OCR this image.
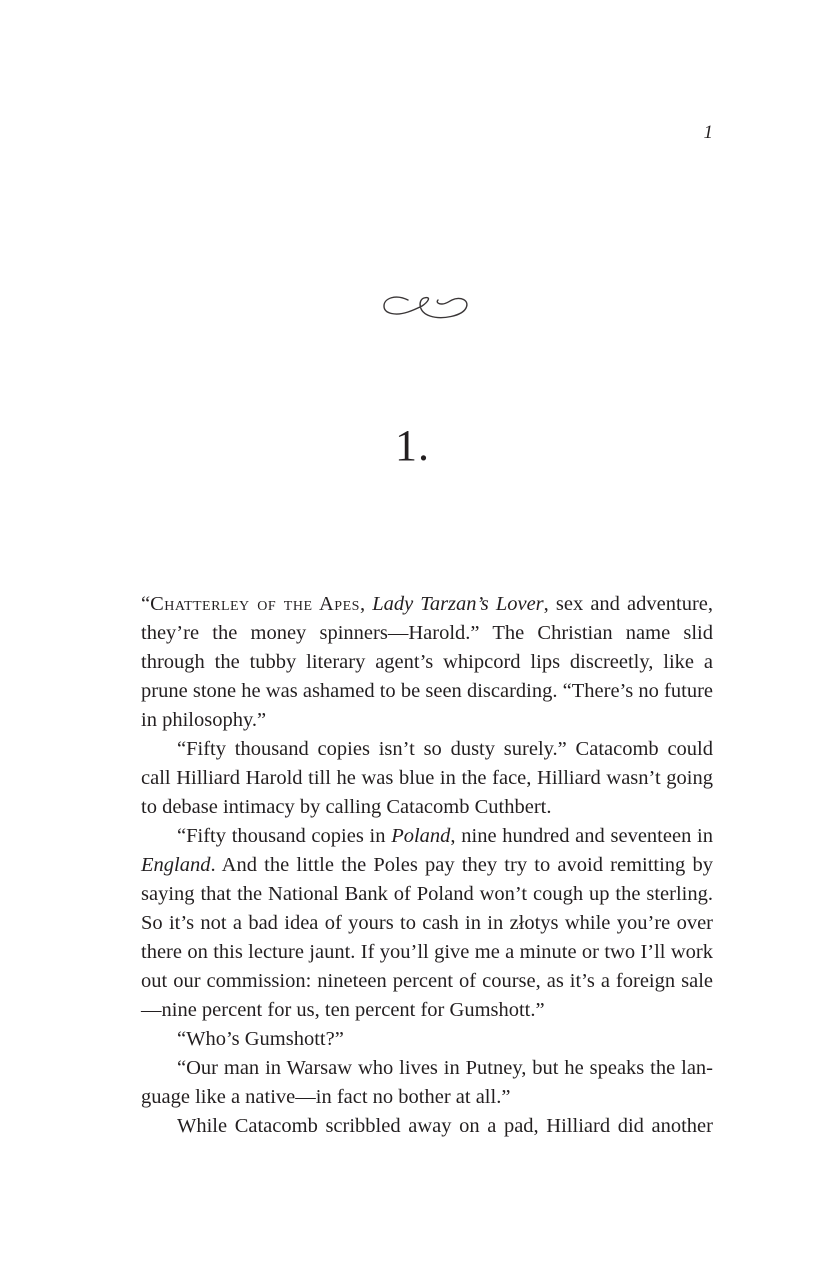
1
1.

“Chatterley of the Apes, Lady Tarzan’s Lover, sex and adventure, they’re the money spinners—Harold.” The Christian name slid through the tubby literary agent’s whipcord lips discreetly, like a prune stone he was ashamed to be seen discarding. “There’s no future in philosophy.”

“Fifty thousand copies isn’t so dusty surely.” Catacomb could call Hilliard Harold till he was blue in the face, Hilliard wasn’t going to debase intimacy by calling Catacomb Cuthbert.

“Fifty thousand copies in Poland, nine hundred and seventeen in England. And the little the Poles pay they try to avoid remitting by saying that the National Bank of Poland won’t cough up the sterling. So it’s not a bad idea of yours to cash in in złotys while you’re over there on this lecture jaunt. If you’ll give me a minute or two I’ll work out our commission: nineteen percent of course, as it’s a foreign sale—nine percent for us, ten percent for Gumshott.”

“Who’s Gumshott?”

“Our man in Warsaw who lives in Putney, but he speaks the language like a native—in fact no bother at all.”

While Catacomb scribbled away on a pad, Hilliard did another
